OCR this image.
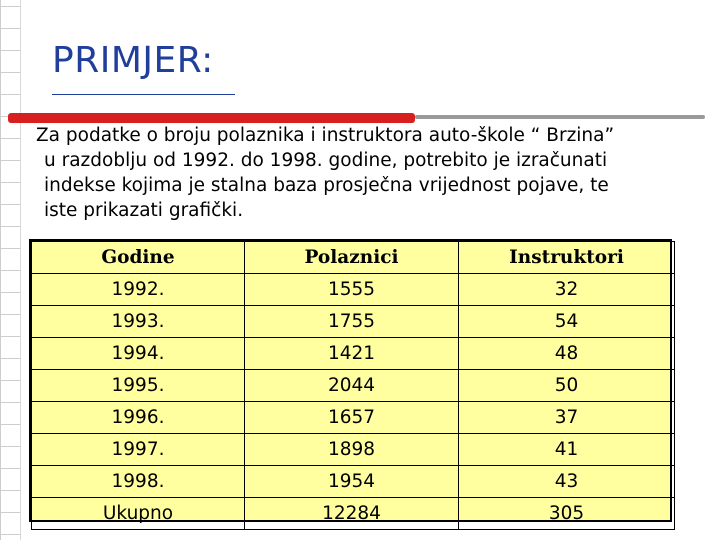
PRIMJER:

Za podatke o broju polaznika i instruktora auto-škole “ Brzina”

u razdoblju od 1992. do 1998. godine, potrebito je izračunati

indekse kojima je stalna baza prosječna vrijednost pojave, te

iste prikazati grafički.

Godine	Polaznici	Instruktori
1992.	1555	32
1993.	1755	54
1994.	1421	48
1995.	2044	50
1996.	1657	37
1997.	1898	41
1998.	1954	43
Ukupno	12284	305
